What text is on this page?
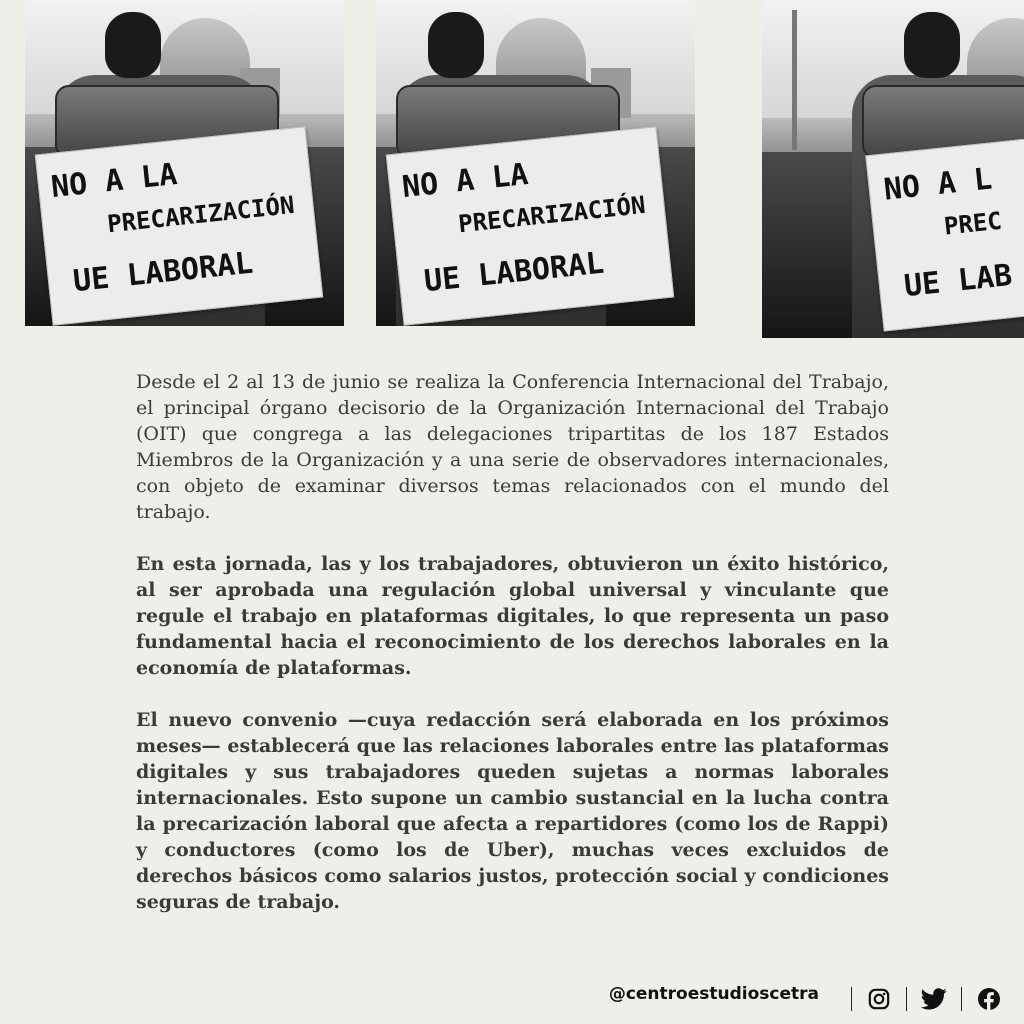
NO A LA
PRECARIZACIÓN
UE LABORAL
NO A LA
PRECARIZACIÓN
UE LABORAL
NO A L
PREC
UE LAB

Desde el 2 al 13 de junio se realiza la Conferencia Internacional del Trabajo, el principal órgano decisorio de la Organización Internacional del Trabajo (OIT) que congrega a las delegaciones tripartitas de los 187 Estados Miembros de la Organización y a una serie de observadores internacionales, con objeto de examinar diversos temas relacionados con el mundo del trabajo.

En esta jornada, las y los trabajadores, obtuvieron un éxito histórico, al ser aprobada una regulación global universal y vinculante que regule el trabajo en plataformas digitales, lo que representa un paso fundamental hacia el reconocimiento de los derechos laborales en la economía de plataformas.

El nuevo convenio —cuya redacción será elaborada en los próximos meses— establecerá que las relaciones laborales entre las plataformas digitales y sus trabajadores queden sujetas a normas laborales internacionales. Esto supone un cambio sustancial en la lucha contra la precarización laboral que afecta a repartidores (como los de Rappi) y conductores (como los de Uber), muchas veces excluidos de derechos básicos como salarios justos, protección social y condiciones seguras de trabajo.

@centroestudioscetra
